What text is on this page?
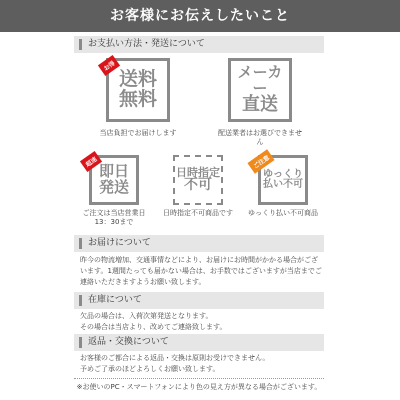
お客様にお伝えしたいこと
お支払い方法・発送について
送料
無料
お得
当店負担でお届けします
メーカー
直送
配送業者はお選びできません
即日
発送
超速
ご注文は当店営業日
13：30まで
日時指定
不可
日時指定不可商品です
ゆっくり
払い不可
ご注意
ゆっくり払い不可商品
お届けについて
昨今の物流増加、交通事情などにより、お届けにお時間がかかる場合がございます。1週間たっても届かない場合は、お手数ではございますが当店までご連絡いただきますようお願い致します。
在庫について
欠品の場合は、入荷次第発送となります。
その場合は当店より、改めてご連絡致します。
返品・交換について
お客様のご都合による返品・交換は原則お受けできません。
予めご了承のほどよろしくお願い致します。
※お使いのPC・スマートフォンにより色の見え方が異なる場合がございます。
